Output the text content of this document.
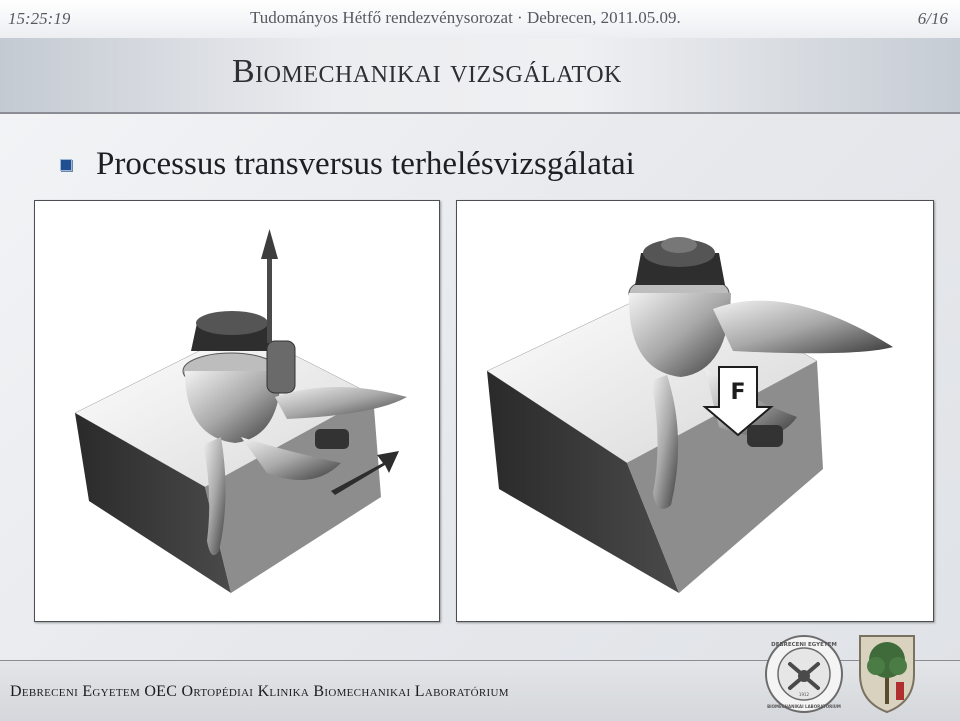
15:25:19	Tudományos Hétfő rendezvénysorozat · Debrecen, 2011.05.09.	6/16
Biomechanikai vizsgálatok
Processus transversus terhelésvizsgálatai
F
Debreceni Egyetem OEC Ortopédiai Klinika Biomechanikai Laboratórium
DEBRECENI EGYETEM
BIOMECHANIKAI LABORATÓRIUM
1912
